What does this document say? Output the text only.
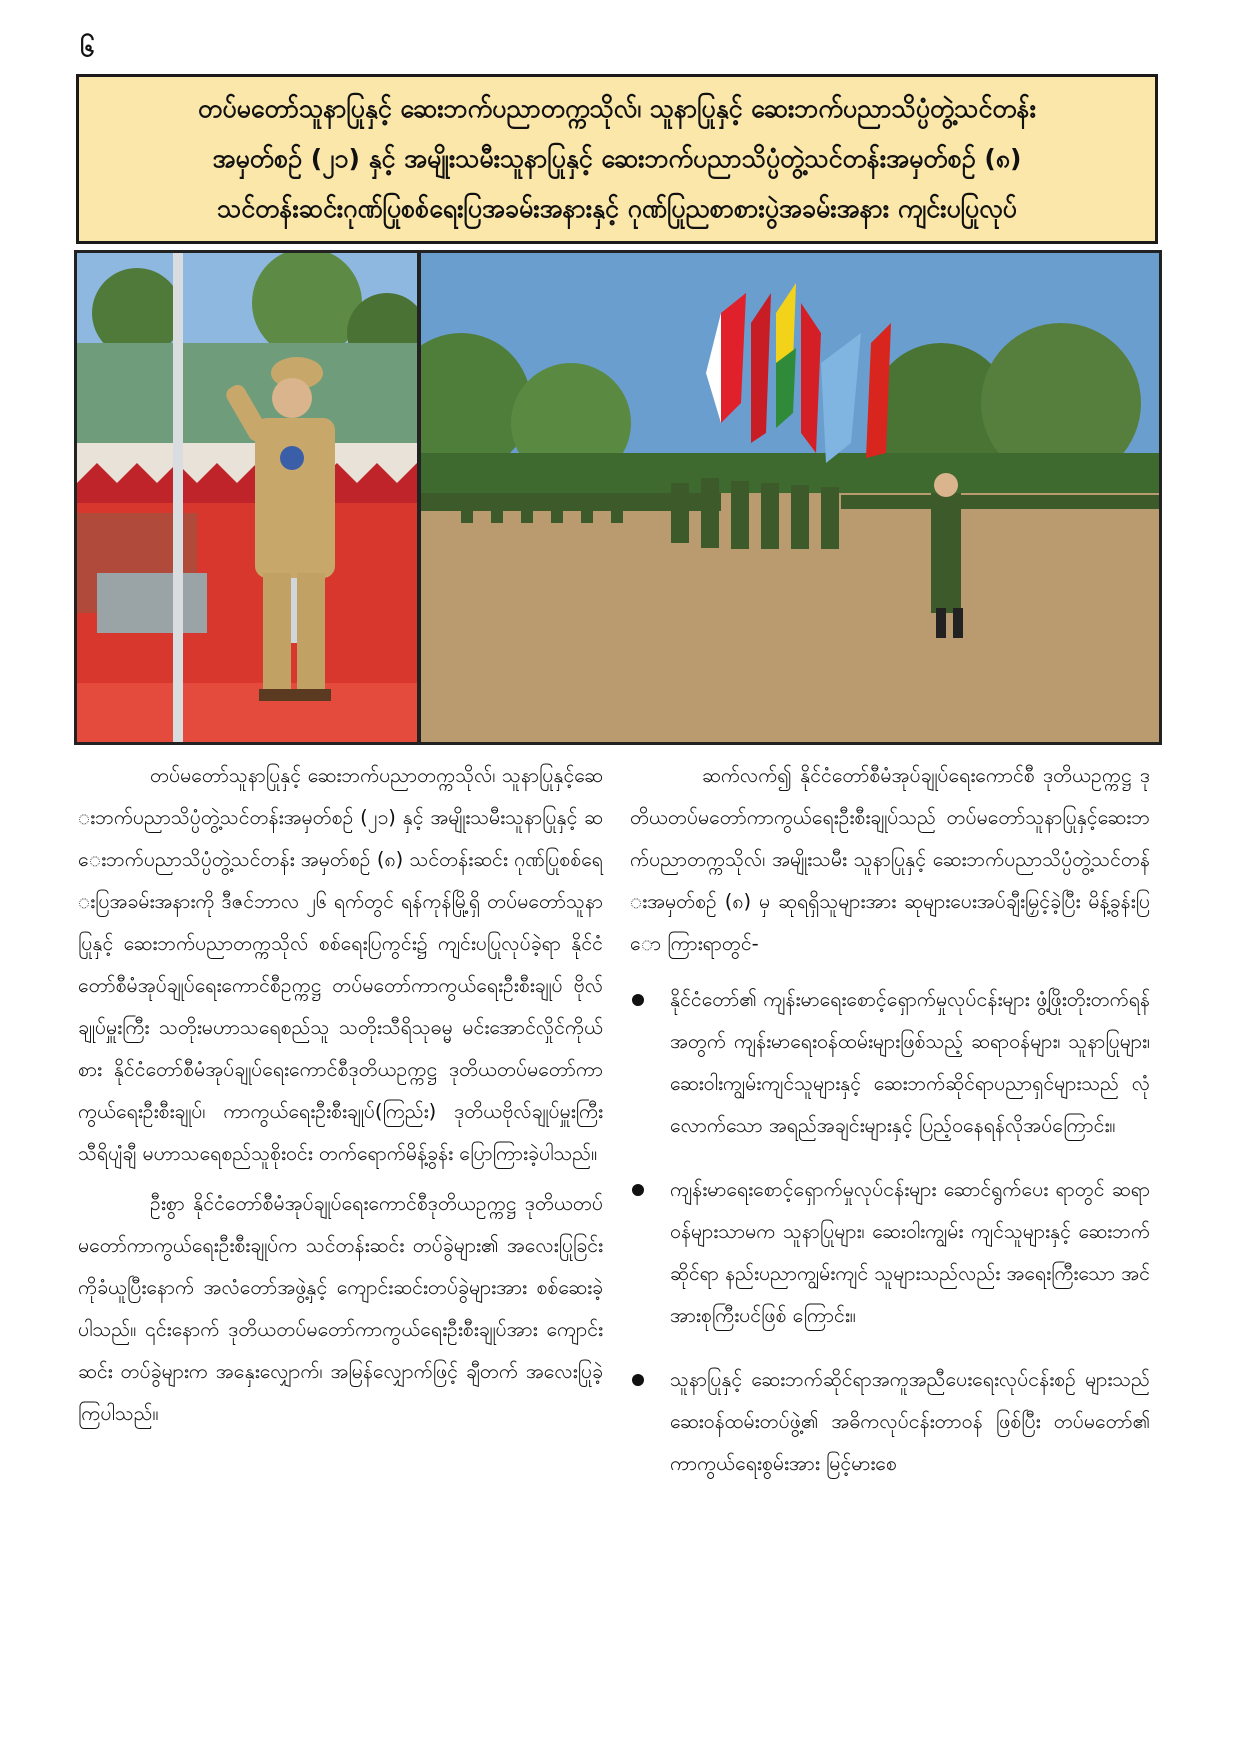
၆
တပ်မတော်သူနာပြုနှင့် ဆေးဘက်ပညာတက္ကသိုလ်၊ သူနာပြုနှင့် ဆေးဘက်ပညာသိပ္ပံတွဲ့သင်တန်း
အမှတ်စဉ် (၂၁) နှင့် အမျိုးသမီးသူနာပြုနှင့် ဆေးဘက်ပညာသိပ္ပံတွဲ့သင်တန်းအမှတ်စဉ် (၈)
သင်တန်းဆင်းဂုဏ်ပြုစစ်ရေးပြအခမ်းအနားနှင့် ဂုဏ်ပြုညစာစားပွဲအခမ်းအနား ကျင်းပပြုလုပ်

တပ်မတော်သူနာပြုနှင့် ဆေးဘက်ပညာတက္ကသိုလ်၊ သူနာပြုနှင့်ဆေးဘက်ပညာသိပ္ပံတွဲ့သင်တန်းအမှတ်စဉ် (၂၁) နှင့် အမျိုးသမီးသူနာပြုနှင့် ဆေးဘက်ပညာသိပ္ပံတွဲ့သင်တန်း အမှတ်စဉ် (၈) သင်တန်းဆင်း ဂုဏ်ပြုစစ်ရေးပြအခမ်းအနားကို ဒီဇင်ဘာလ ၂၆ ရက်တွင် ရန်ကုန်မြို့ရှိ တပ်မတော်သူနာပြုနှင့် ဆေးဘက်ပညာတက္ကသိုလ် စစ်ရေးပြကွင်း၌ ကျင်းပပြုလုပ်ခဲ့ရာ နိုင်ငံတော်စီမံအုပ်ချုပ်ရေးကောင်စီဥက္ကဋ္ဌ တပ်မတော်ကာကွယ်ရေးဦးစီးချုပ် ဗိုလ်ချုပ်မှူးကြီး သတိုးမဟာသရေစည်သူ သတိုးသီရိသုဓမ္မ မင်းအောင်လှိုင်ကိုယ်စား နိုင်ငံတော်စီမံအုပ်ချုပ်ရေးကောင်စီဒုတိယဥက္ကဋ္ဌ ဒုတိယတပ်မတော်ကာကွယ်ရေးဦးစီးချုပ်၊ ကာကွယ်ရေးဦးစီးချုပ်(ကြည်း) ဒုတိယဗိုလ်ချုပ်မှူးကြီး သီရိပျံချီ မဟာသရေစည်သူစိုးဝင်း တက်ရောက်မိန့်ခွန်း ပြောကြားခဲ့ပါသည်။

ဦးစွာ နိုင်ငံတော်စီမံအုပ်ချုပ်ရေးကောင်စီဒုတိယဥက္ကဋ္ဌ ဒုတိယတပ်မတော်ကာကွယ်ရေးဦးစီးချုပ်က သင်တန်းဆင်း တပ်ခွဲများ၏ အလေးပြုခြင်းကိုခံယူပြီးနောက် အလံတော်အဖွဲ့နှင့် ကျောင်းဆင်းတပ်ခွဲများအား စစ်ဆေးခဲ့ပါသည်။ ၎င်းနောက် ဒုတိယတပ်မတော်ကာကွယ်ရေးဦးစီးချုပ်အား ကျောင်းဆင်း တပ်ခွဲများက အနှေးလျှောက်၊ အမြန်လျှောက်ဖြင့် ချီတက် အလေးပြုခဲ့ကြပါသည်။

ဆက်လက်၍ နိုင်ငံတော်စီမံအုပ်ချုပ်ရေးကောင်စီ ဒုတိယဥက္ကဋ္ဌ ဒုတိယတပ်မတော်ကာကွယ်ရေးဦးစီးချုပ်သည် တပ်မတော်သူနာပြုနှင့်ဆေးဘက်ပညာတက္ကသိုလ်၊ အမျိုးသမီး သူနာပြုနှင့် ဆေးဘက်ပညာသိပ္ပံတွဲ့သင်တန်းအမှတ်စဉ် (၈) မှ ဆုရရှိသူများအား ဆုများပေးအပ်ချီးမြှင့်ခဲ့ပြီး မိန့်ခွန်းပြော ကြားရာတွင်-

နိုင်ငံတော်၏ ကျန်းမာရေးစောင့်ရှောက်မှုလုပ်ငန်းများ ဖွံ့ဖြိုးတိုးတက်ရန်အတွက် ကျန်းမာရေးဝန်ထမ်းများဖြစ်သည့် ဆရာဝန်များ၊ သူနာပြုများ၊ ဆေးဝါးကျွမ်းကျင်သူများနှင့် ဆေးဘက်ဆိုင်ရာပညာရှင်များသည် လုံလောက်သော အရည်အချင်းများနှင့် ပြည့်ဝနေရန်လိုအပ်ကြောင်း။
ကျန်းမာရေးစောင့်ရှောက်မှုလုပ်ငန်းများ ဆောင်ရွက်ပေး ရာတွင် ဆရာဝန်များသာမက သူနာပြုများ၊ ဆေးဝါးကျွမ်း ကျင်သူများနှင့် ဆေးဘက်ဆိုင်ရာ နည်းပညာကျွမ်းကျင် သူများသည်လည်း အရေးကြီးသော အင်အားစုကြီးပင်ဖြစ် ကြောင်း။
သူနာပြုနှင့် ဆေးဘက်ဆိုင်ရာအကူအညီပေးရေးလုပ်ငန်းစဉ် များသည် ဆေးဝန်ထမ်းတပ်ဖွဲ့၏ အဓိကလုပ်ငန်းတာဝန် ဖြစ်ပြီး တပ်မတော်၏ ကာကွယ်ရေးစွမ်းအား မြင့်မားစေ
